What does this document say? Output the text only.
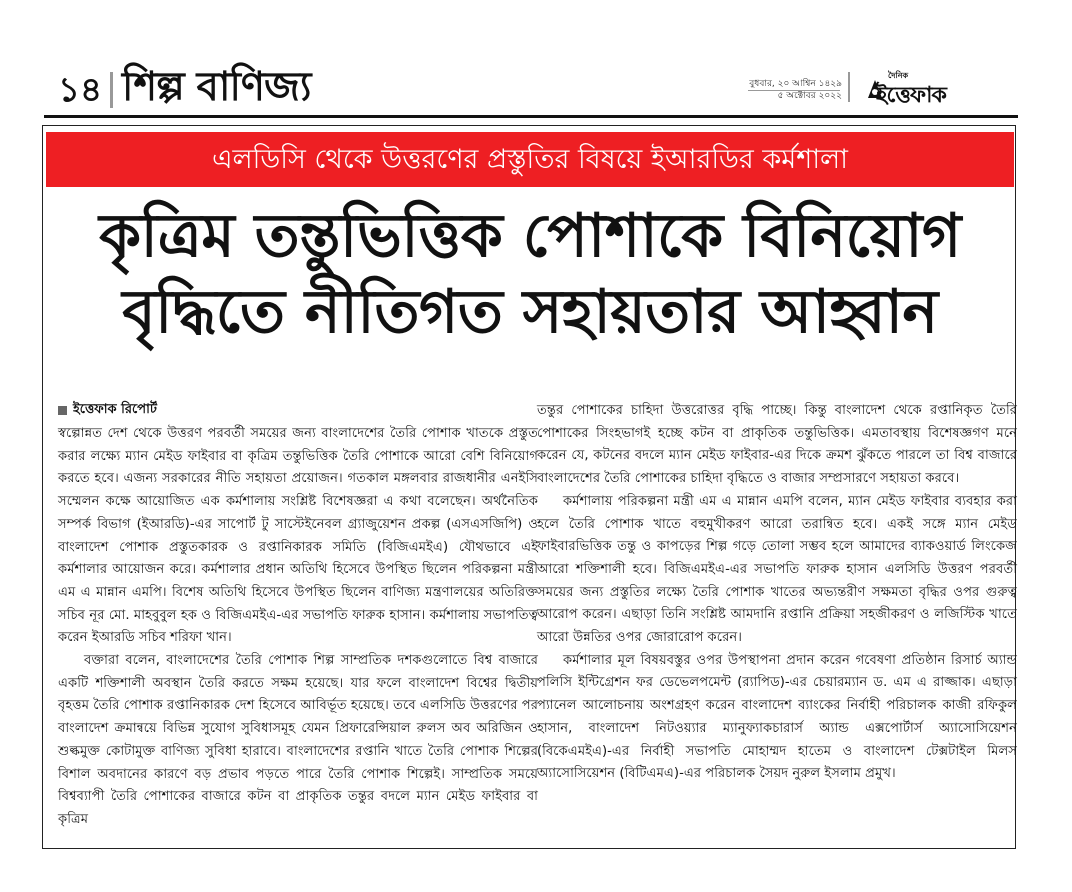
১৪ শিল্প বাণিজ্য	বুধবার, ২০ আশ্বিন ১৪২৯
৫ অক্টোবর ২০২২
দৈনিক
ইত্তেফাক
এলডিসি থেকে উত্তরণের প্রস্তুতির বিষয়ে ইআরডির কর্মশালা
কৃত্রিম তন্তুভিত্তিক পোশাকে বিনিয়োগ
বৃদ্ধিতে নীতিগত সহায়তার আহ্বান
ইত্তেফাক রিপোর্ট

স্বল্পোন্নত দেশ থেকে উত্তরণ পরবর্তী সময়ের জন্য বাংলাদেশের তৈরি পোশাক খাতকে প্রস্তুত করার লক্ষ্যে ম্যান মেইড ফাইবার বা কৃত্রিম তন্তুভিত্তিক তৈরি পোশাকে আরো বেশি বিনিয়োগ করতে হবে। এজন্য সরকারের নীতি সহায়তা প্রয়োজন। গতকাল মঙ্গলবার রাজধানীর এনইসি সম্মেলন কক্ষে আয়োজিত এক কর্মশালায় সংশ্লিষ্ট বিশেষজ্ঞরা এ কথা বলেছেন। অর্থনৈতিক সম্পর্ক বিভাগ (ইআরডি)-এর সাপোর্ট টু সাস্টেইনেবল গ্র্যাজুয়েশন প্রকল্প (এসএসজিপি) ও বাংলাদেশ পোশাক প্রস্তুতকারক ও রপ্তানিকারক সমিতি (বিজিএমইএ) যৌথভাবে এই কর্মশালার আয়োজন করে। কর্মশালার প্রধান অতিথি হিসেবে উপস্থিত ছিলেন পরিকল্পনা মন্ত্রী এম এ মান্নান এমপি। বিশেষ অতিথি হিসেবে উপস্থিত ছিলেন বাণিজ্য মন্ত্রণালয়ের অতিরিক্ত সচিব নূর মো. মাহবুবুল হক ও বিজিএমইএ-এর সভাপতি ফারুক হাসান। কর্মশালায় সভাপতিত্ব করেন ইআরডি সচিব শরিফা খান।

বক্তারা বলেন, বাংলাদেশের তৈরি পোশাক শিল্প সাম্প্রতিক দশকগুলোতে বিশ্ব বাজারে একটি শক্তিশালী অবস্থান তৈরি করতে সক্ষম হয়েছে। যার ফলে বাংলাদেশ বিশ্বের দ্বিতীয় বৃহত্তম তৈরি পোশাক রপ্তানিকারক দেশ হিসেবে আবির্ভূত হয়েছে। তবে এলসিডি উত্তরণের পর বাংলাদেশ ক্রমান্বয়ে বিভিন্ন সুযোগ সুবিধাসমূহ যেমন প্রিফারেন্সিয়াল রুলস অব অরিজিন ও শুল্কমুক্ত কোটামুক্ত বাণিজ্য সুবিধা হারাবে। বাংলাদেশের রপ্তানি খাতে তৈরি পোশাক শিল্পের বিশাল অবদানের কারণে বড় প্রভাব পড়তে পারে তৈরি পোশাক শিল্পেই। সাম্প্রতিক সময়ে বিশ্বব্যাপী তৈরি পোশাকের বাজারে কটন বা প্রাকৃতিক তন্তুর বদলে ম্যান মেইড ফাইবার বা কৃত্রিম

তন্তুর পোশাকের চাহিদা উত্তরোত্তর বৃদ্ধি পাচ্ছে। কিন্তু বাংলাদেশ থেকে রপ্তানিকৃত তৈরি পোশাকের সিংহভাগই হচ্ছে কটন বা প্রাকৃতিক তন্তুভিত্তিক। এমতাবস্থায় বিশেষজ্ঞগণ মনে করেন যে, কটনের বদলে ম্যান মেইড ফাইবার-এর দিকে ক্রমশ ঝুঁকতে পারলে তা বিশ্ব বাজারে বাংলাদেশের তৈরি পোশাকের চাহিদা বৃদ্ধিতে ও বাজার সম্প্রসারণে সহায়তা করবে।

কর্মশালায় পরিকল্পনা মন্ত্রী এম এ মান্নান এমপি বলেন, ম্যান মেইড ফাইবার ব্যবহার করা হলে তৈরি পোশাক খাতে বহুমুখীকরণ আরো তরান্বিত হবে। একই সঙ্গে ম্যান মেইড ফাইবারভিত্তিক তন্তু ও কাপড়ের শিল্প গড়ে তোলা সম্ভব হলে আমাদের ব্যাকওয়ার্ড লিংকেজ আরো শক্তিশালী হবে। বিজিএমইএ-এর সভাপতি ফারুক হাসান এলসিডি উত্তরণ পরবর্তী সময়ের জন্য প্রস্তুতির লক্ষ্যে তৈরি পোশাক খাতের অভ্যন্তরীণ সক্ষমতা বৃদ্ধির ওপর গুরুত্ব আরোপ করেন। এছাড়া তিনি সংশ্লিষ্ট আমদানি রপ্তানি প্রক্রিয়া সহজীকরণ ও লজিস্টিক খাতে আরো উন্নতির ওপর জোরারোপ করেন।

কর্মশালার মূল বিষয়বস্তুর ওপর উপস্থাপনা প্রদান করেন গবেষণা প্রতিষ্ঠান রিসার্চ অ্যান্ড পলিসি ইন্টিগ্রেশন ফর ডেভেলপমেন্ট (র‍্যাপিড)-এর চেয়ারম্যান ড. এম এ রাজ্জাক। এছাড়া প্যানেল আলোচনায় অংশগ্রহণ করেন বাংলাদেশ ব্যাংকের নির্বাহী পরিচালক কাজী রফিকুল হাসান, বাংলাদেশ নিটওয়্যার ম্যানুফ্যাকচারার্স অ্যান্ড এক্সপোর্টার্স অ্যাসোসিয়েশন (বিকেএমইএ)-এর নির্বাহী সভাপতি মোহাম্মদ হাতেম ও বাংলাদেশ টেক্সটাইল মিলস অ্যাসোসিয়েশন (বিটিএমএ)-এর পরিচালক সৈয়দ নুরুল ইসলাম প্রমুখ।
